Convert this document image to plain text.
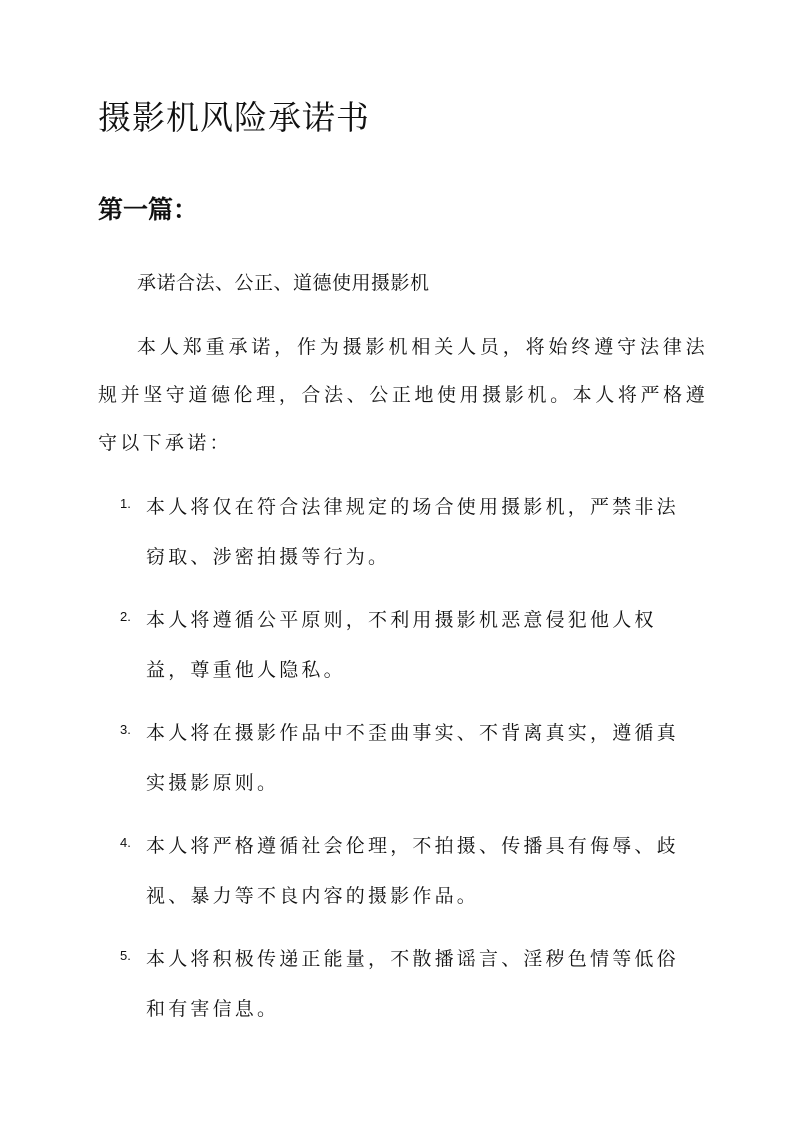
摄影机风险承诺书
第一篇：

承诺合法、公正、道德使用摄影机

本人郑重承诺，作为摄影机相关人员，将始终遵守法律法规并坚守道德伦理，合法、公正地使用摄影机。本人将严格遵守以下承诺：

1. 本人将仅在符合法律规定的场合使用摄影机，严禁非法窃取、涉密拍摄等行为。

2. 本人将遵循公平原则，不利用摄影机恶意侵犯他人权益，尊重他人隐私。

3. 本人将在摄影作品中不歪曲事实、不背离真实，遵循真实摄影原则。

4. 本人将严格遵循社会伦理，不拍摄、传播具有侮辱、歧视、暴力等不良内容的摄影作品。

5. 本人将积极传递正能量，不散播谣言、淫秽色情等低俗和有害信息。
